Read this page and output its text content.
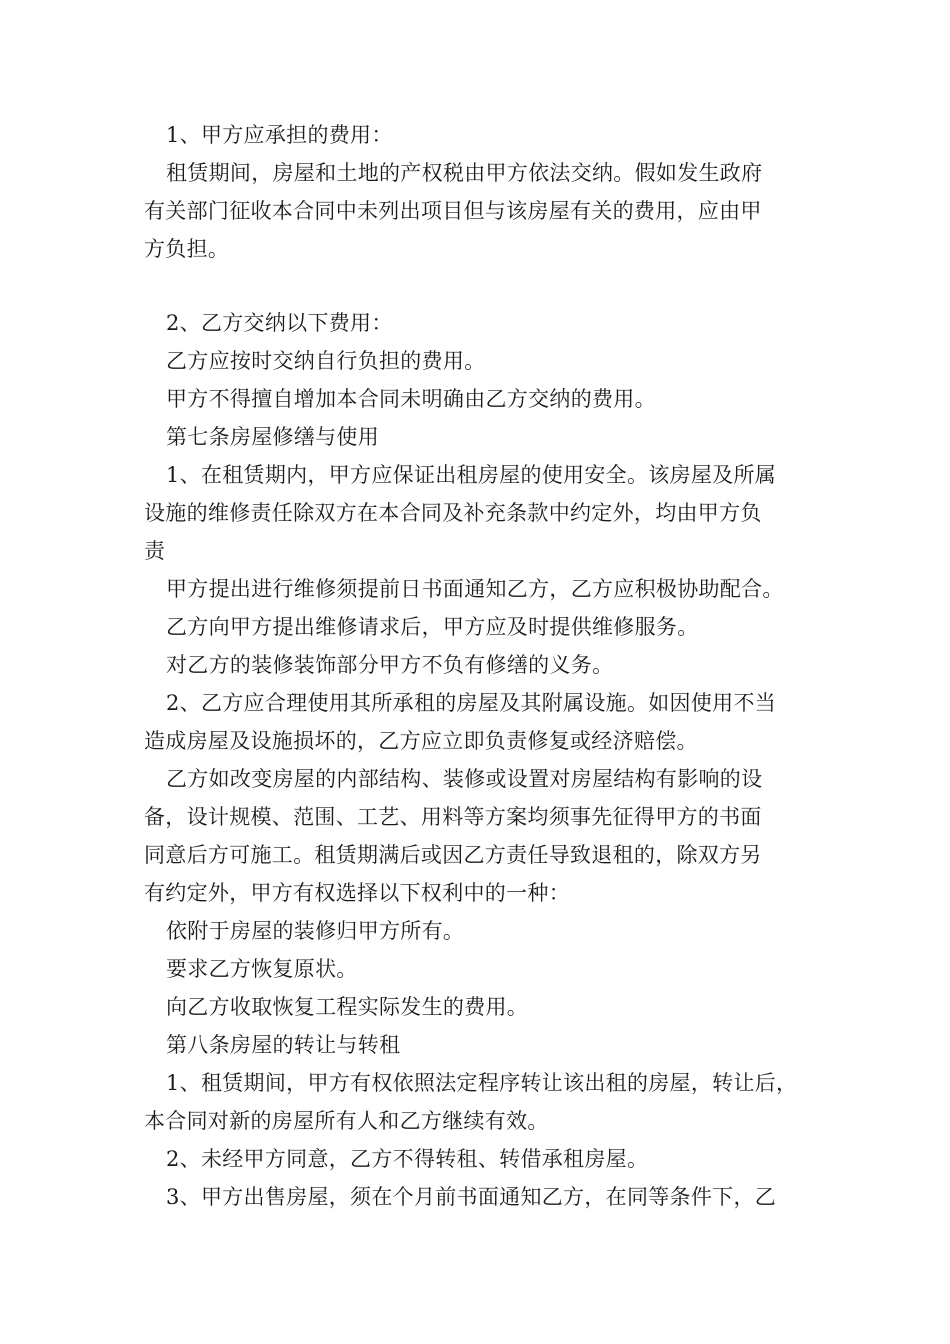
1、甲方应承担的费用：
租赁期间，房屋和土地的产权税由甲方依法交纳。假如发生政府
有关部门征收本合同中未列出项目但与该房屋有关的费用，应由甲
方负担。
2、乙方交纳以下费用：
乙方应按时交纳自行负担的费用。
甲方不得擅自增加本合同未明确由乙方交纳的费用。
第七条房屋修缮与使用
1、在租赁期内，甲方应保证出租房屋的使用安全。该房屋及所属
设施的维修责任除双方在本合同及补充条款中约定外，均由甲方负
责
甲方提出进行维修须提前日书面通知乙方，乙方应积极协助配合。
乙方向甲方提出维修请求后，甲方应及时提供维修服务。
对乙方的装修装饰部分甲方不负有修缮的义务。
2、乙方应合理使用其所承租的房屋及其附属设施。如因使用不当
造成房屋及设施损坏的，乙方应立即负责修复或经济赔偿。
乙方如改变房屋的内部结构、装修或设置对房屋结构有影响的设
备，设计规模、范围、工艺、用料等方案均须事先征得甲方的书面
同意后方可施工。租赁期满后或因乙方责任导致退租的，除双方另
有约定外，甲方有权选择以下权利中的一种：
依附于房屋的装修归甲方所有。
要求乙方恢复原状。
向乙方收取恢复工程实际发生的费用。
第八条房屋的转让与转租
1、租赁期间，甲方有权依照法定程序转让该出租的房屋，转让后，
本合同对新的房屋所有人和乙方继续有效。
2、未经甲方同意，乙方不得转租、转借承租房屋。
3、甲方出售房屋，须在个月前书面通知乙方，在同等条件下，乙
